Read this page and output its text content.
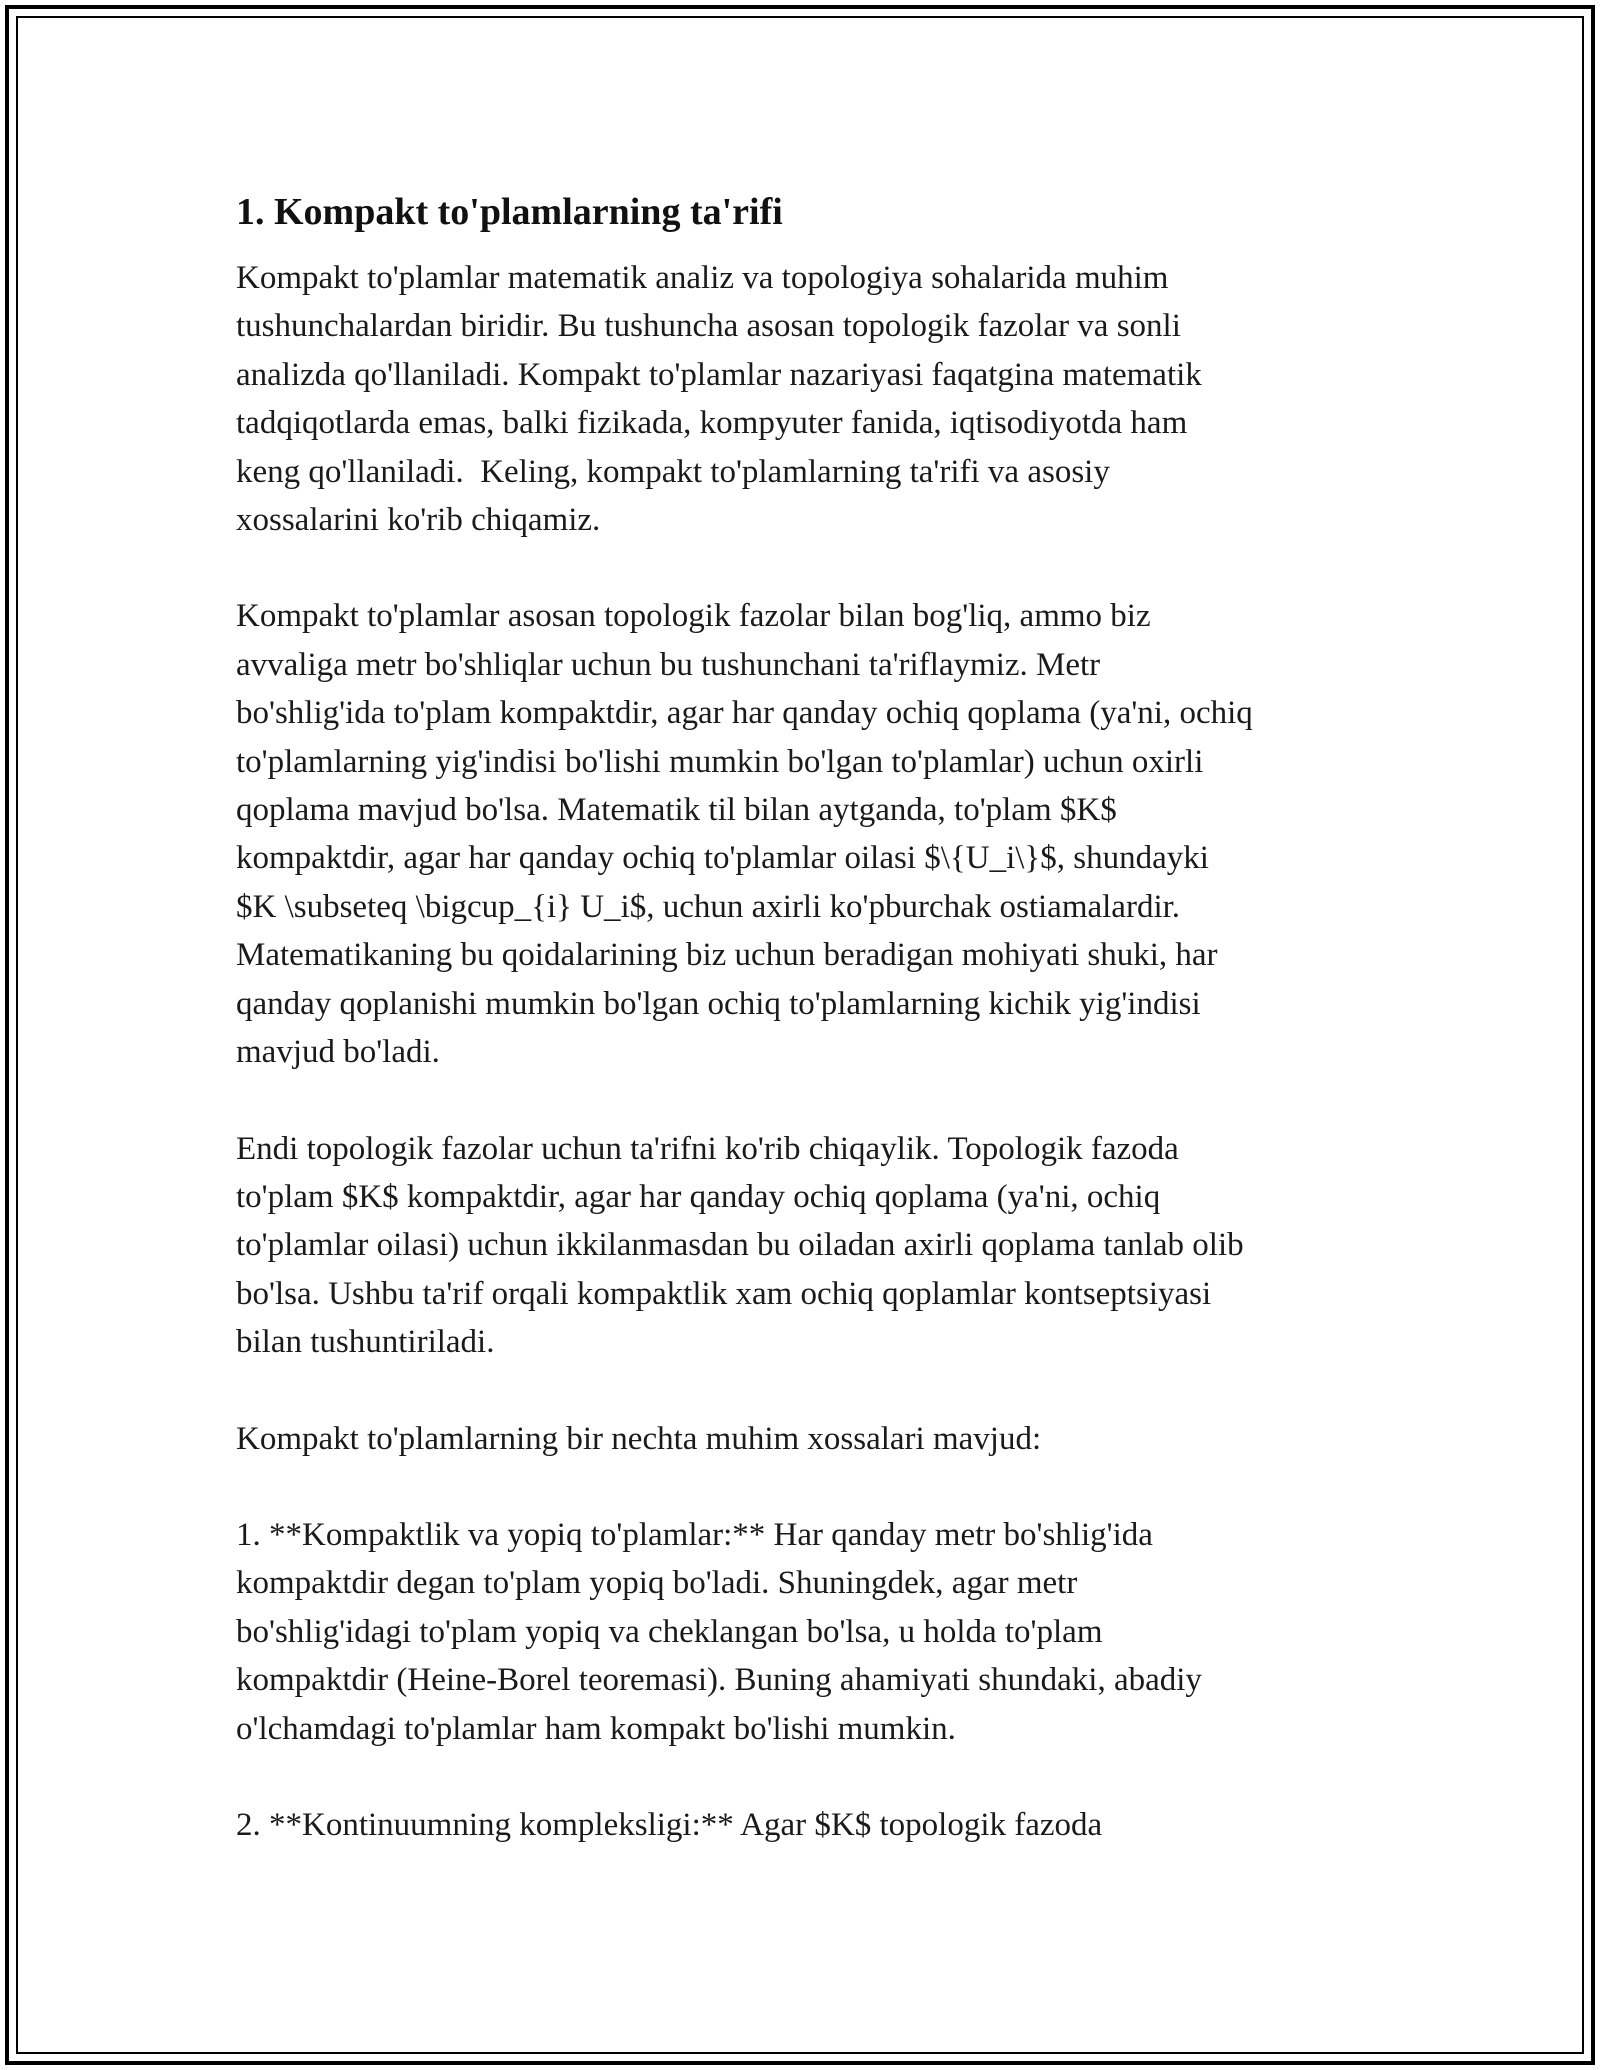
1. Kompakt to'plamlarning ta'rifi

Kompakt to'plamlar matematik analiz va topologiya sohalarida muhim
tushunchalardan biridir. Bu tushuncha asosan topologik fazolar va sonli
analizda qo'llaniladi. Kompakt to'plamlar nazariyasi faqatgina matematik
tadqiqotlarda emas, balki fizikada, kompyuter fanida, iqtisodiyotda ham
keng qo'llaniladi.  Keling, kompakt to'plamlarning ta'rifi va asosiy
xossalarini ko'rib chiqamiz.

Kompakt to'plamlar asosan topologik fazolar bilan bog'liq, ammo biz
avvaliga metr bo'shliqlar uchun bu tushunchani ta'riflaymiz. Metr
bo'shlig'ida to'plam kompaktdir, agar har qanday ochiq qoplama (ya'ni, ochiq
to'plamlarning yig'indisi bo'lishi mumkin bo'lgan to'plamlar) uchun oxirli
qoplama mavjud bo'lsa. Matematik til bilan aytganda, to'plam $K$
kompaktdir, agar har qanday ochiq to'plamlar oilasi $\{U_i\}$, shundayki
$K \subseteq \bigcup_{i} U_i$, uchun axirli ko'pburchak ostiamalardir.
Matematikaning bu qoidalarining biz uchun beradigan mohiyati shuki, har
qanday qoplanishi mumkin bo'lgan ochiq to'plamlarning kichik yig'indisi
mavjud bo'ladi.

Endi topologik fazolar uchun ta'rifni ko'rib chiqaylik. Topologik fazoda
to'plam $K$ kompaktdir, agar har qanday ochiq qoplama (ya'ni, ochiq
to'plamlar oilasi) uchun ikkilanmasdan bu oiladan axirli qoplama tanlab olib
bo'lsa. Ushbu ta'rif orqali kompaktlik xam ochiq qoplamlar kontseptsiyasi
bilan tushuntiriladi.

Kompakt to'plamlarning bir nechta muhim xossalari mavjud:

1. **Kompaktlik va yopiq to'plamlar:** Har qanday metr bo'shlig'ida
kompaktdir degan to'plam yopiq bo'ladi. Shuningdek, agar metr
bo'shlig'idagi to'plam yopiq va cheklangan bo'lsa, u holda to'plam
kompaktdir (Heine-Borel teoremasi). Buning ahamiyati shundaki, abadiy
o'lchamdagi to'plamlar ham kompakt bo'lishi mumkin.

2. **Kontinuumning kompleksligi:** Agar $K$ topologik fazoda
